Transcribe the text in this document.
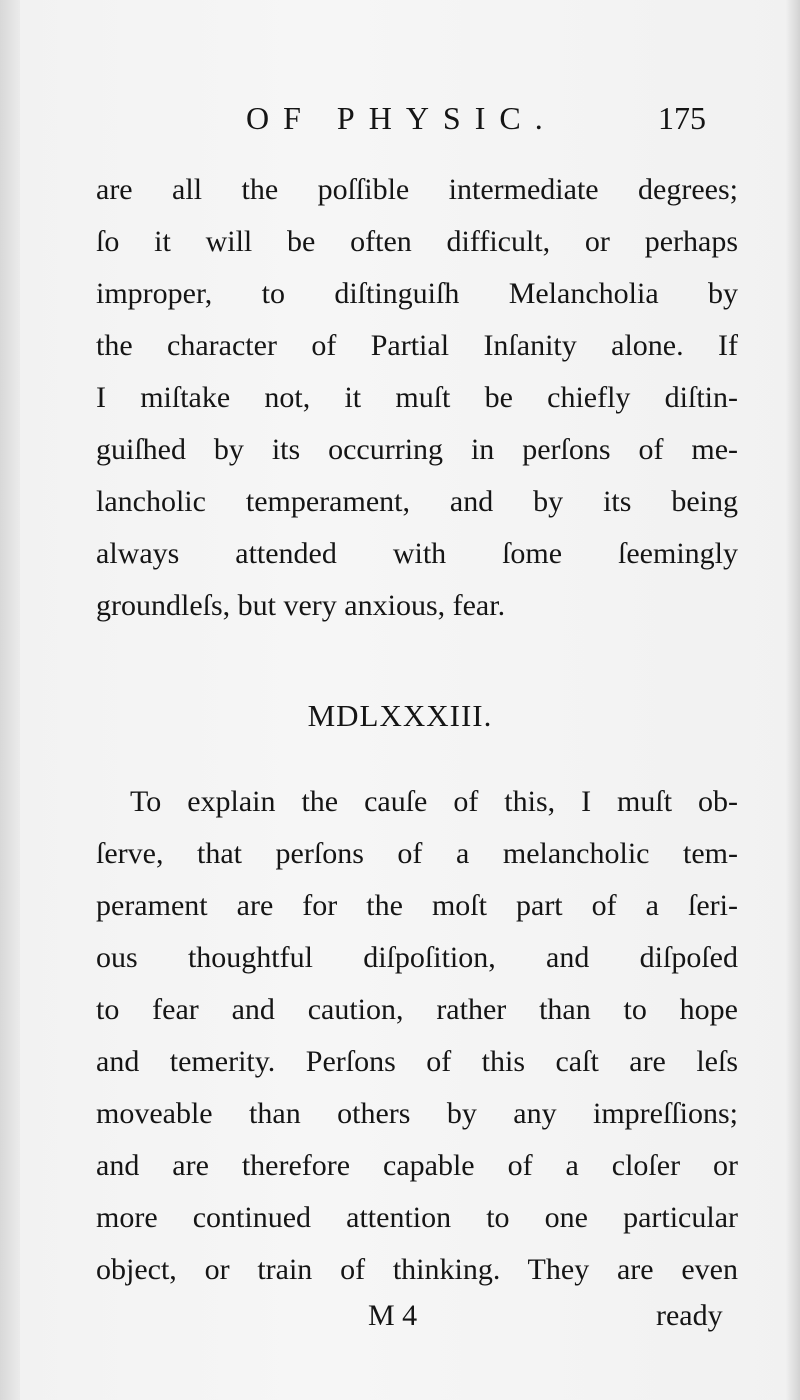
OF PHYSIC.	175
are all the poſſible intermediate degrees;
ſo it will be often difficult, or perhaps
improper, to diſtinguiſh Melancholia by
the character of Partial Inſanity alone. If
I miſtake not, it muſt be chiefly diſtin-
guiſhed by its occurring in perſons of me-
lancholic temperament, and by its being
always attended with ſome ſeemingly
groundleſs, but very anxious, fear.
MDLXXXIII.
To explain the cauſe of this, I muſt ob-
ſerve, that perſons of a melancholic tem-
perament are for the moſt part of a ſeri-
ous thoughtful diſpoſition, and diſpoſed
to fear and caution, rather than to hope
and temerity. Perſons of this caſt are leſs
moveable than others by any impreſſions;
and are therefore capable of a cloſer or
more continued attention to one particular
object, or train of thinking. They are even
M 4	ready
